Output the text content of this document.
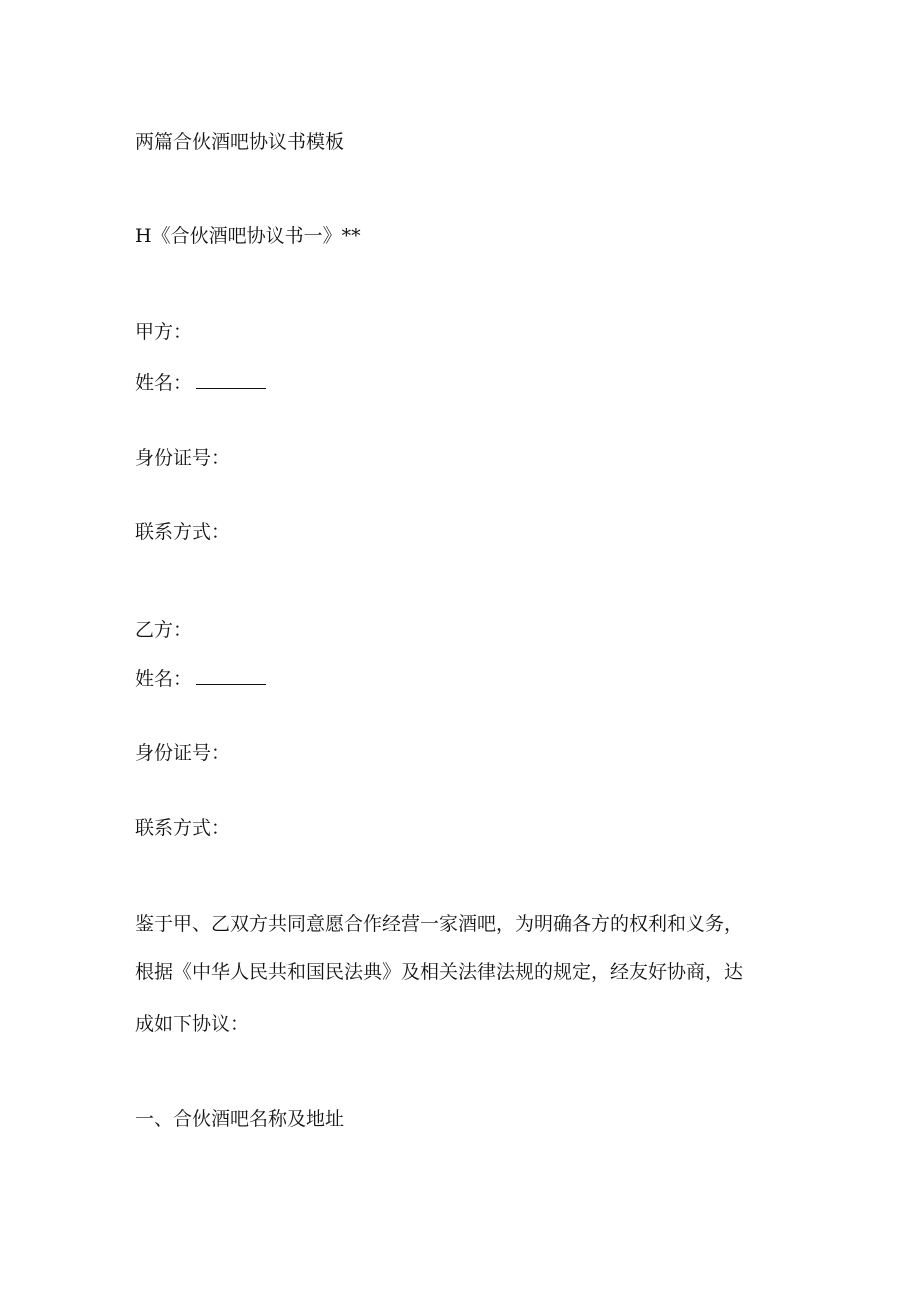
两篇合伙酒吧协议书模板
H《合伙酒吧协议书一》**
甲方：
姓名：
身份证号：
联系方式：
乙方：
姓名：
身份证号：
联系方式：
鉴于甲、乙双方共同意愿合作经营一家酒吧，为明确各方的权利和义务，
根据《中华人民共和国民法典》及相关法律法规的规定，经友好协商，达
成如下协议：
一、合伙酒吧名称及地址
